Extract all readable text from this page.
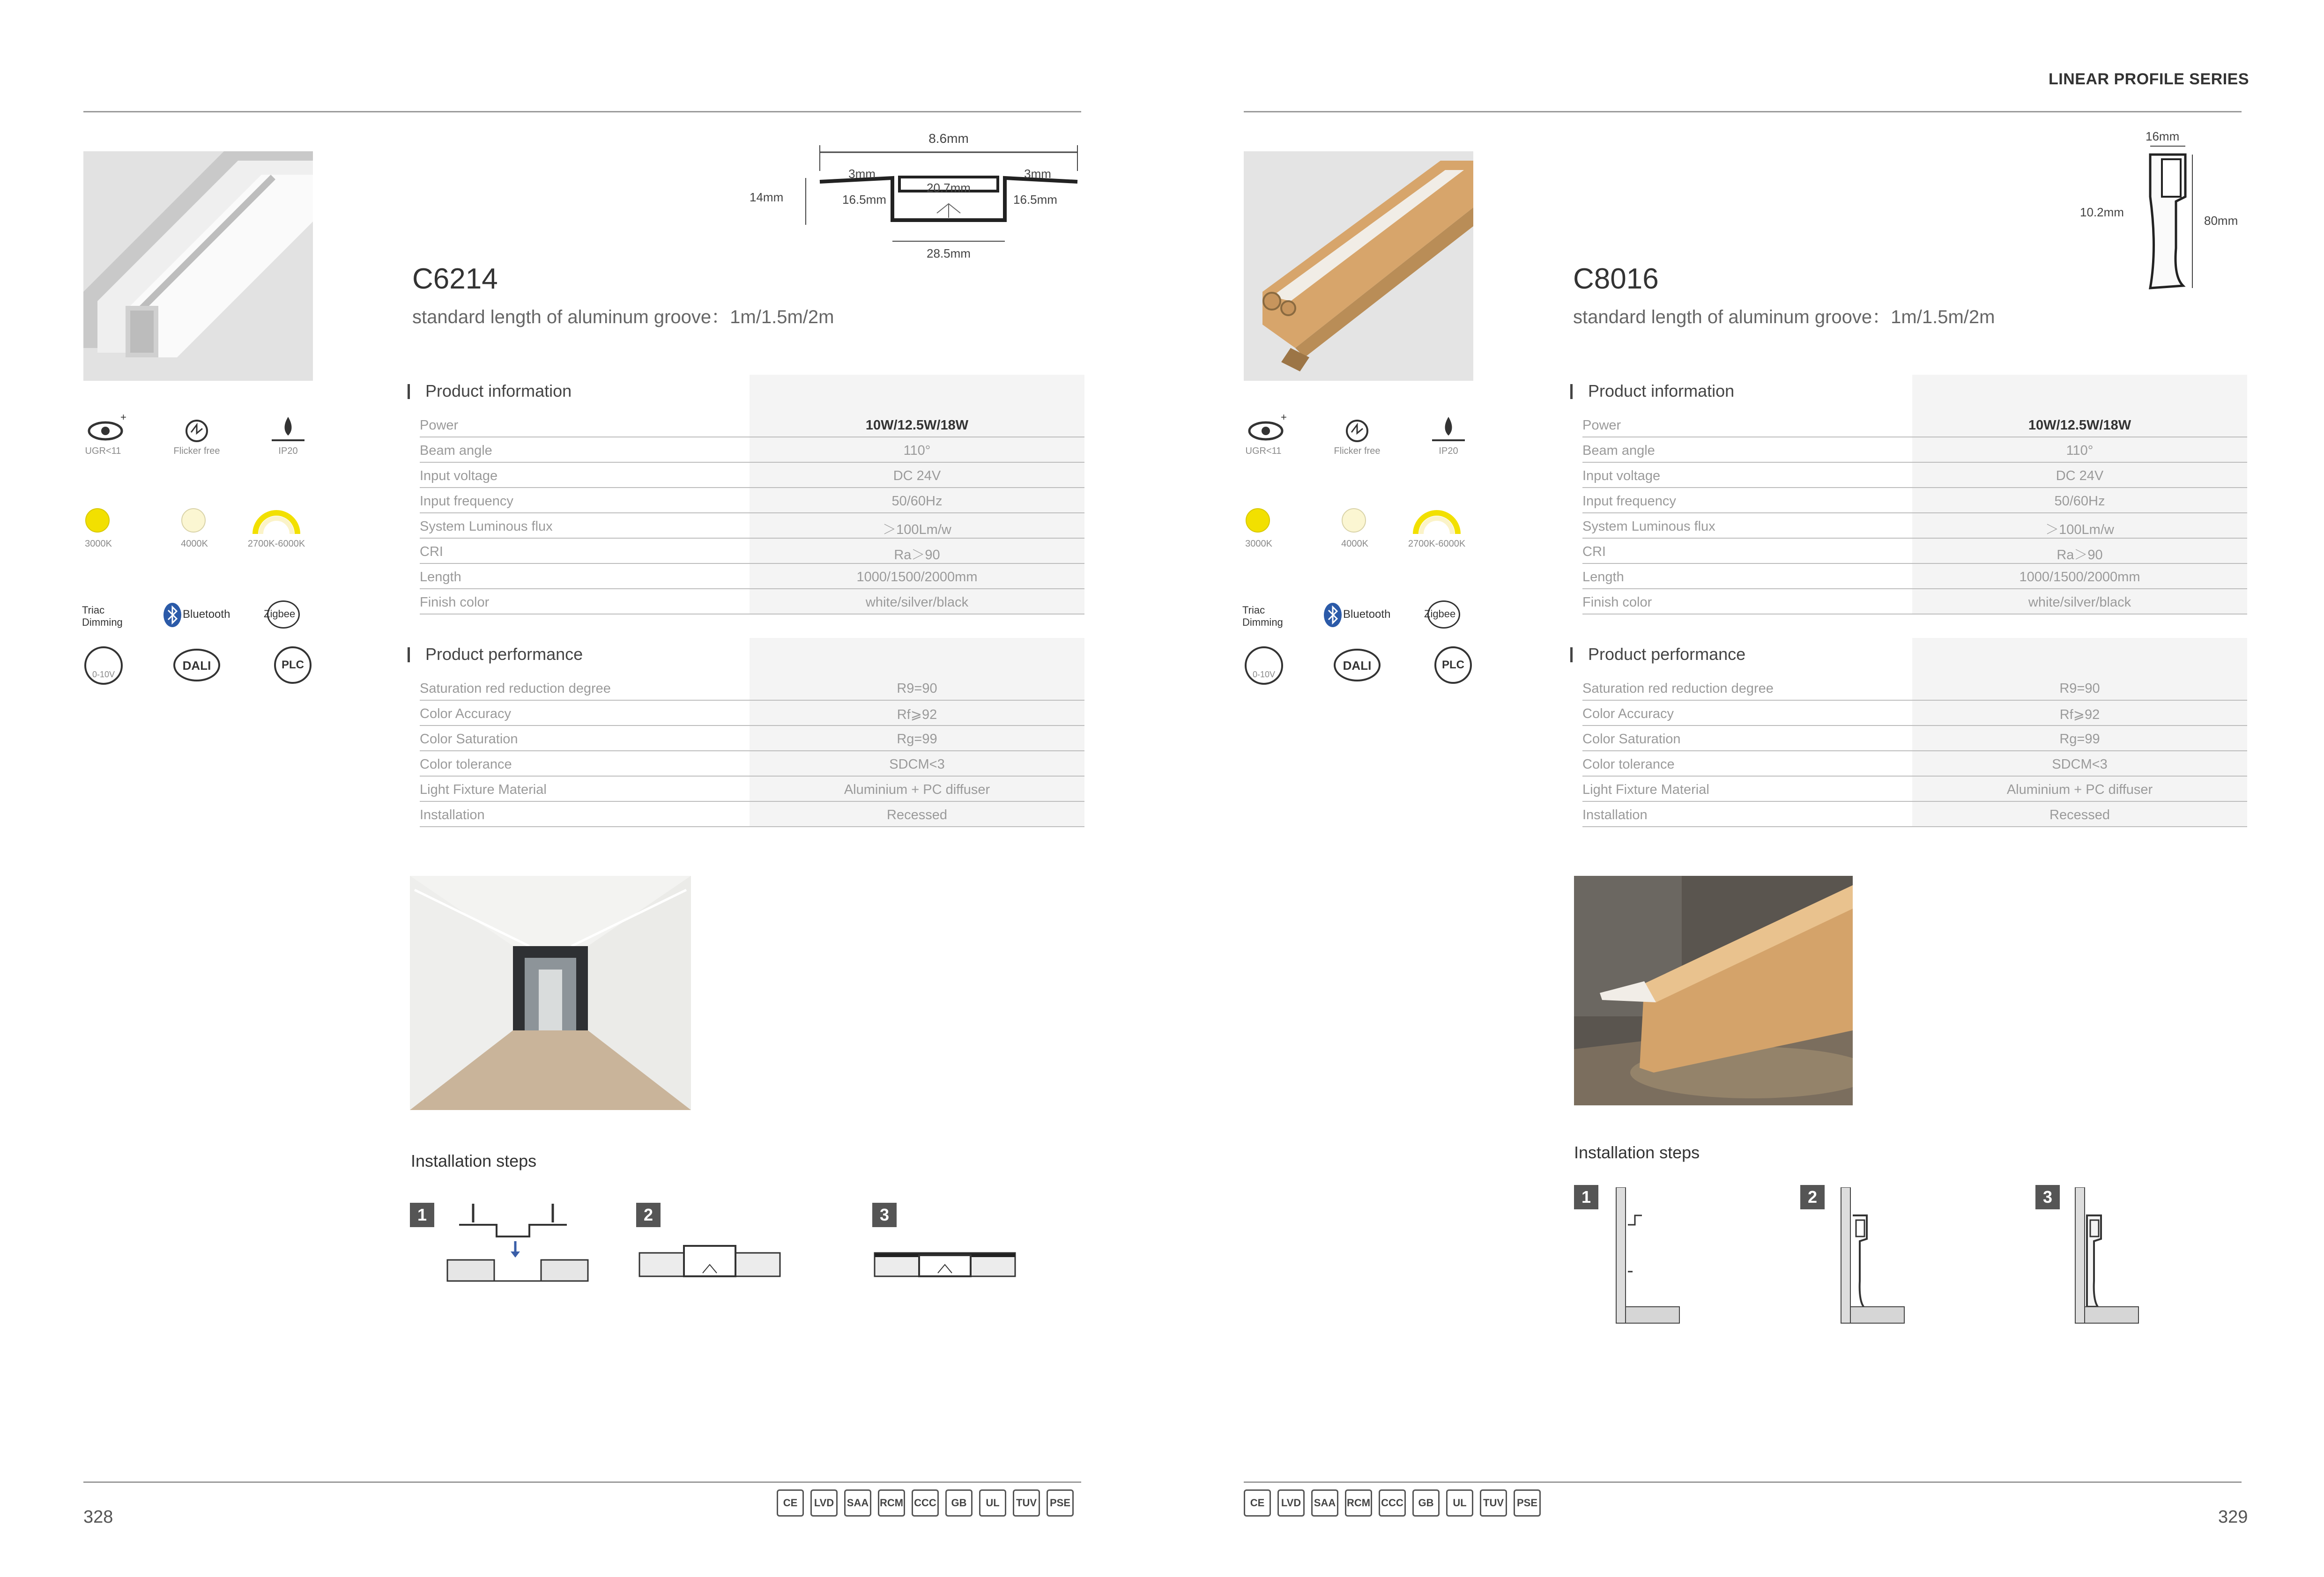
LINEAR PROFILE SERIES
8.6mm
3mm
20.7mm
3mm
14mm	16.5mm	16.5mm
28.5mm
C6214
standard length of aluminum groove：1m/1.5m/2m
+
UGR<11	Flicker free	IP20
3000K	4000K	2700K-6000K
Triac
Dimming
Bluetooth	Zigbee
0-10V
DALI	PLC
Product information
Power	10W/12.5W/18W
Beam angle	110°
Input voltage	DC 24V
Input frequency	50/60Hz
System Luminous flux	＞100Lm/w
CRI	Ra＞90
Length	1000/1500/2000mm
Finish color	white/silver/black
Product performance
Saturation red reduction degree	R9=90
Color Accuracy	Rf⩾92
Color Saturation	Rg=99
Color tolerance	SDCM<3
Light Fixture Material	Aluminium + PC diffuser
Installation	Recessed
Installation steps
1	2	3
328
CE	LVD	SAA RCM CCC	GB	UL	TUV	PSE
16mm
10.2mm
80mm
C8016
standard length of aluminum groove：1m/1.5m/2m
+
UGR<11	Flicker free	IP20
3000K	4000K	2700K-6000K
Triac
Dimming
Bluetooth	Zigbee
0-10V
DALI	PLC
Product information
Power	10W/12.5W/18W
Beam angle	110°
Input voltage	DC 24V
Input frequency	50/60Hz
System Luminous flux	＞100Lm/w
CRI	Ra＞90
Length	1000/1500/2000mm
Finish color	white/silver/black
Product performance
Saturation red reduction degree	R9=90
Color Accuracy	Rf⩾92
Color Saturation	Rg=99
Color tolerance	SDCM<3
Light Fixture Material	Aluminium + PC diffuser
Installation	Recessed
Installation steps
1	2	3
329
CE	LVD	SAA RCM CCC	GB	UL	TUV	PSE
